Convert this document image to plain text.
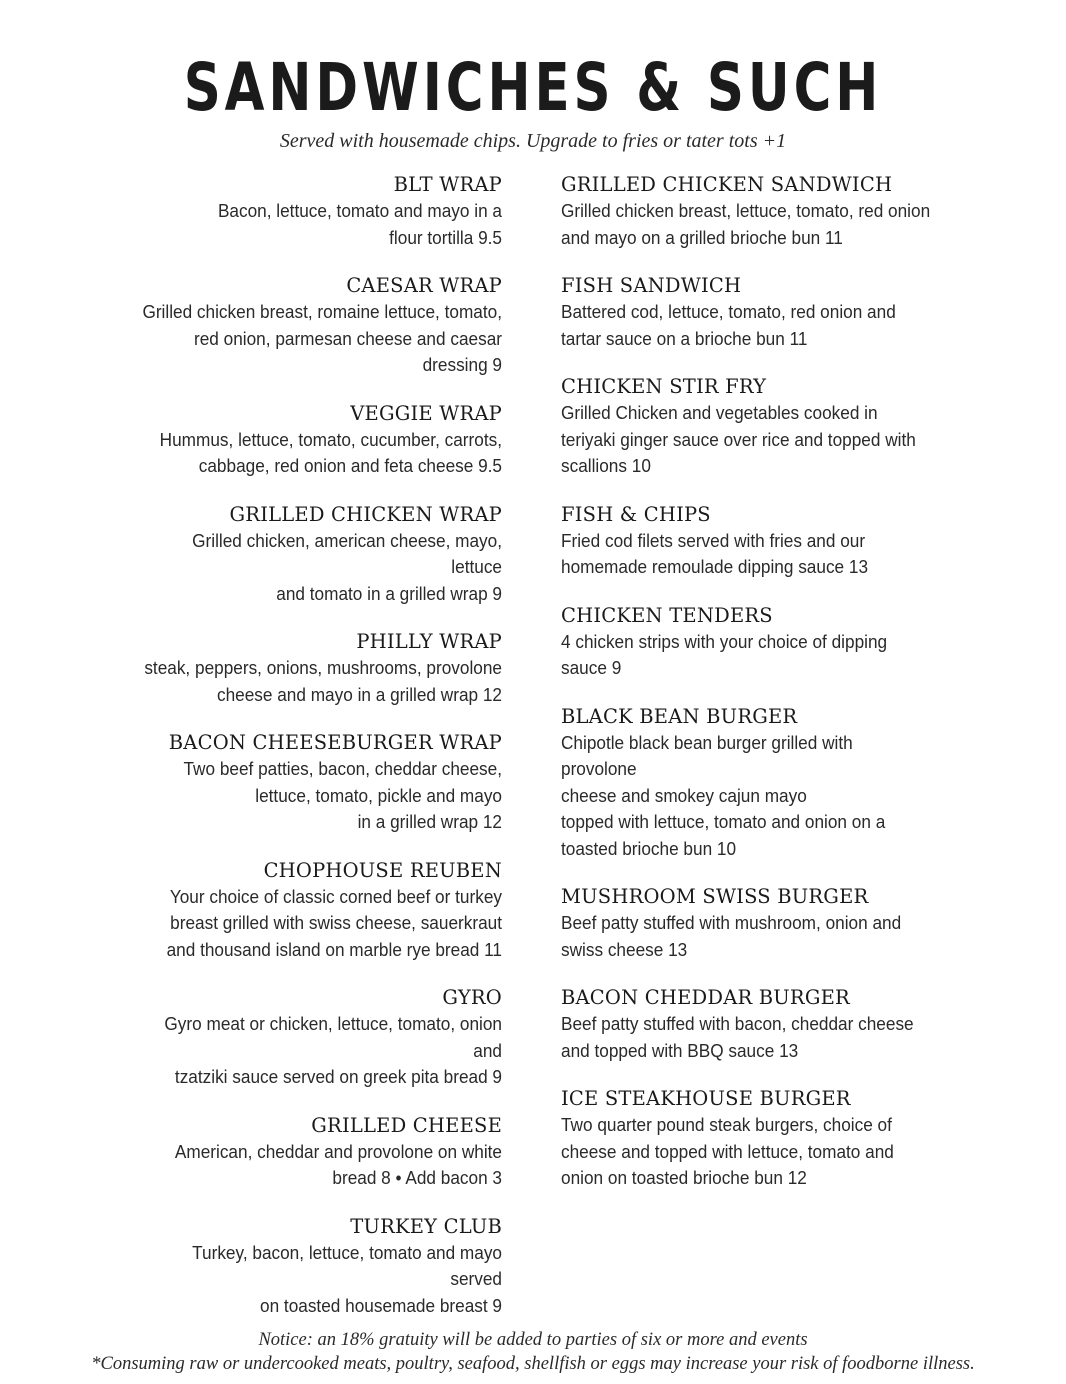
SANDWICHES & SUCH
Served with housemade chips. Upgrade to fries or tater tots +1
BLT WRAP
Bacon, lettuce, tomato and mayo in a
flour tortilla 9.5
CAESAR WRAP
Grilled chicken breast, romaine lettuce, tomato,
red onion, parmesan cheese and caesar
dressing 9
VEGGIE WRAP
Hummus, lettuce, tomato, cucumber, carrots,
cabbage, red onion and feta cheese 9.5
GRILLED CHICKEN WRAP
Grilled chicken, american cheese, mayo, lettuce
and tomato in a grilled wrap 9
PHILLY WRAP
steak, peppers, onions, mushrooms, provolone
cheese and mayo in a grilled wrap 12
BACON CHEESEBURGER WRAP
Two beef patties, bacon, cheddar cheese,
lettuce, tomato, pickle and mayo
in a grilled wrap 12
CHOPHOUSE REUBEN
Your choice of classic corned beef or turkey
breast grilled with swiss cheese, sauerkraut
and thousand island on marble rye bread 11
GYRO
Gyro meat or chicken, lettuce, tomato, onion and
tzatziki sauce served on greek pita bread 9
GRILLED CHEESE
American, cheddar and provolone on white
bread 8 • Add bacon 3
TURKEY CLUB
Turkey, bacon, lettuce, tomato and mayo served
on toasted housemade breast 9
GRILLED CHICKEN SANDWICH
Grilled chicken breast, lettuce, tomato, red onion
and mayo on a grilled brioche bun 11
FISH SANDWICH
Battered cod, lettuce, tomato, red onion and
tartar sauce on a brioche bun 11
CHICKEN STIR FRY
Grilled Chicken and vegetables cooked in
teriyaki ginger sauce over rice and topped with
scallions 10
FISH & CHIPS
Fried cod filets served with fries and our
homemade remoulade dipping sauce 13
CHICKEN TENDERS
4 chicken strips with your choice of dipping
sauce 9
BLACK BEAN BURGER
Chipotle black bean burger grilled with provolone
cheese and smokey cajun mayo
topped with lettuce, tomato and onion on a
toasted brioche bun 10
MUSHROOM SWISS BURGER
Beef patty stuffed with mushroom, onion and
swiss cheese 13
BACON CHEDDAR BURGER
Beef patty stuffed with bacon, cheddar cheese
and topped with BBQ sauce 13
ICE STEAKHOUSE BURGER
Two quarter pound steak burgers, choice of
cheese and topped with lettuce, tomato and
onion on toasted brioche bun 12
Notice: an 18% gratuity will be added to parties of six or more and events
*Consuming raw or undercooked meats, poultry, seafood, shellfish or eggs may increase your risk of foodborne illness.
